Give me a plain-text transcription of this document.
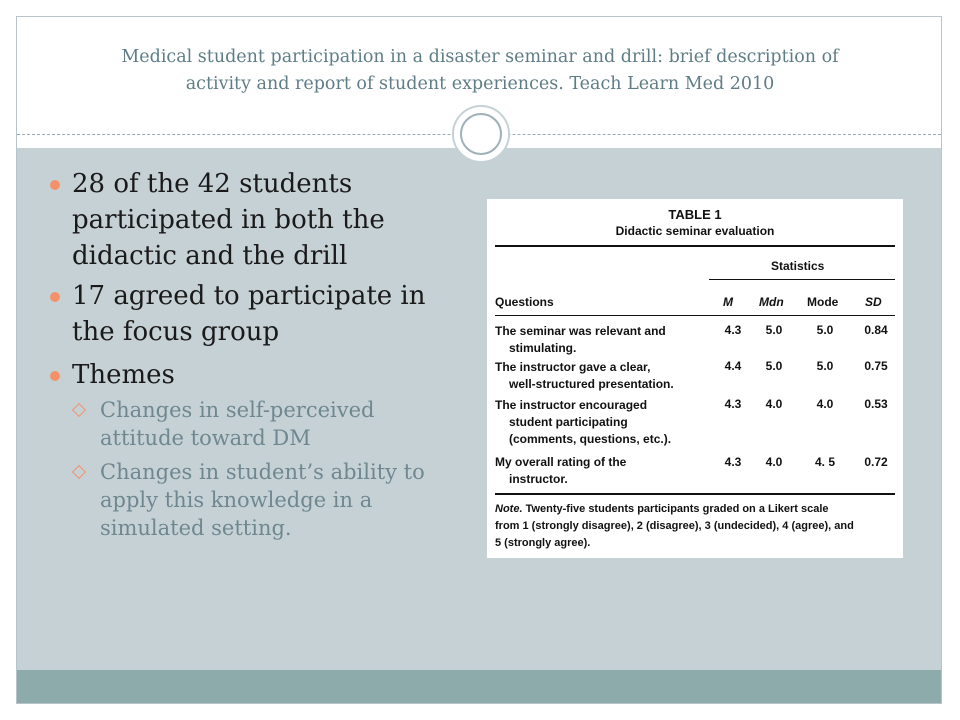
Medical student participation in a disaster seminar and drill: brief description of
activity and report of student experiences. Teach Learn Med 2010
28 of the 42 students
participated in both the
didactic and the drill
17 agreed to participate in
the focus group
Themes
Changes in self-perceived
attitude toward DM
Changes in student’s ability to
apply this knowledge in a
simulated setting.
TABLE 1
Didactic seminar evaluation
Statistics
Questions	M Mdn Mode SD
The seminar was relevant and
stimulating.
4.3	5.0	5.0	0.84
The instructor gave a clear,
well-structured presentation.
4.4	5.0	5.0	0.75
The instructor encouraged
student participating
(comments, questions, etc.).
4.3	4.0	4.0	0.53
My overall rating of the
instructor.
4.3	4.0	4. 5	0.72
Note. Twenty-five students participants graded on a Likert scale
from 1 (strongly disagree), 2 (disagree), 3 (undecided), 4 (agree), and
5 (strongly agree).
